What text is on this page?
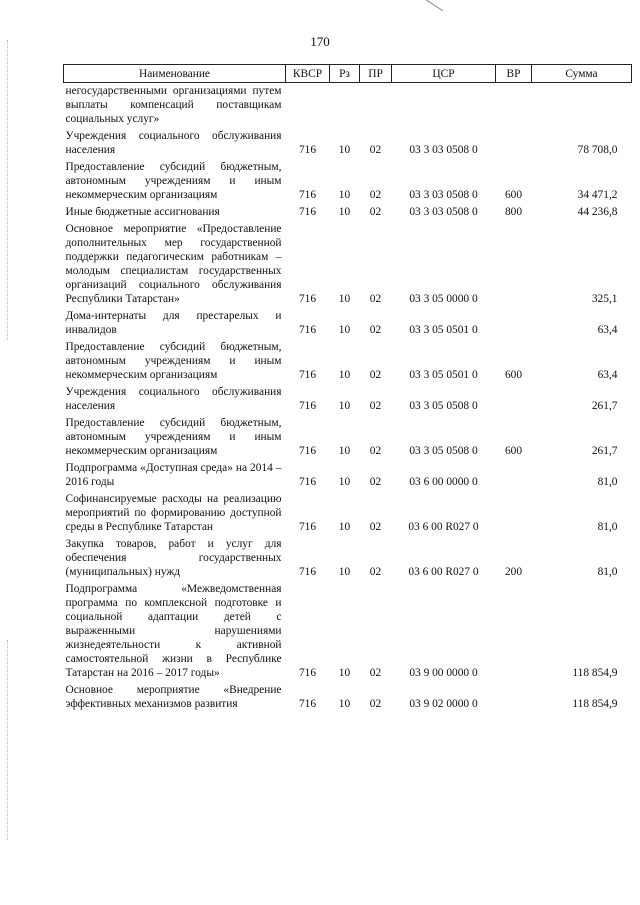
170
Наименование	КВСР	Рз	ПР	ЦСР	ВР	Сумма
негосударственными организациями путем выплаты компенсаций поставщикам социальных услуг»						
Учреждения социального обслуживания населения	716	10	02	03 3 03 0508 0		78 708,0
Предоставление субсидий бюджетным, автономным учреждениям и иным некоммерческим организациям	716	10	02	03 3 03 0508 0	600	34 471,2
Иные бюджетные ассигнования	716	10	02	03 3 03 0508 0	800	44 236,8
Основное мероприятие «Предоставление дополнительных мер государственной поддержки педагогическим работникам – молодым специалистам государственных организаций социального обслуживания Республики Татарстан»	716	10	02	03 3 05 0000 0		325,1
Дома-интернаты для престарелых и инвалидов	716	10	02	03 3 05 0501 0		63,4
Предоставление субсидий бюджетным, автономным учреждениям и иным некоммерческим организациям	716	10	02	03 3 05 0501 0	600	63,4
Учреждения социального обслуживания населения	716	10	02	03 3 05 0508 0		261,7
Предоставление субсидий бюджетным, автономным учреждениям и иным некоммерческим организациям	716	10	02	03 3 05 0508 0	600	261,7
Подпрограмма «Доступная среда» на 2014 – 2016 годы	716	10	02	03 6 00 0000 0		81,0
Софинансируемые расходы на реализацию мероприятий по формированию доступной среды в Республике Татарстан	716	10	02	03 6 00 R027 0		81,0
Закупка товаров, работ и услуг для обеспечения государственных (муниципальных) нужд	716	10	02	03 6 00 R027 0	200	81,0
Подпрограмма «Межведомственная программа по комплексной подготовке и социальной адаптации детей с выраженными нарушениями жизнедеятельности к активной самостоятельной жизни в Республике Татарстан на 2016 – 2017 годы»	716	10	02	03 9 00 0000 0		118 854,9
Основное мероприятие «Внедрение эффективных механизмов развития	716	10	02	03 9 02 0000 0		118 854,9
